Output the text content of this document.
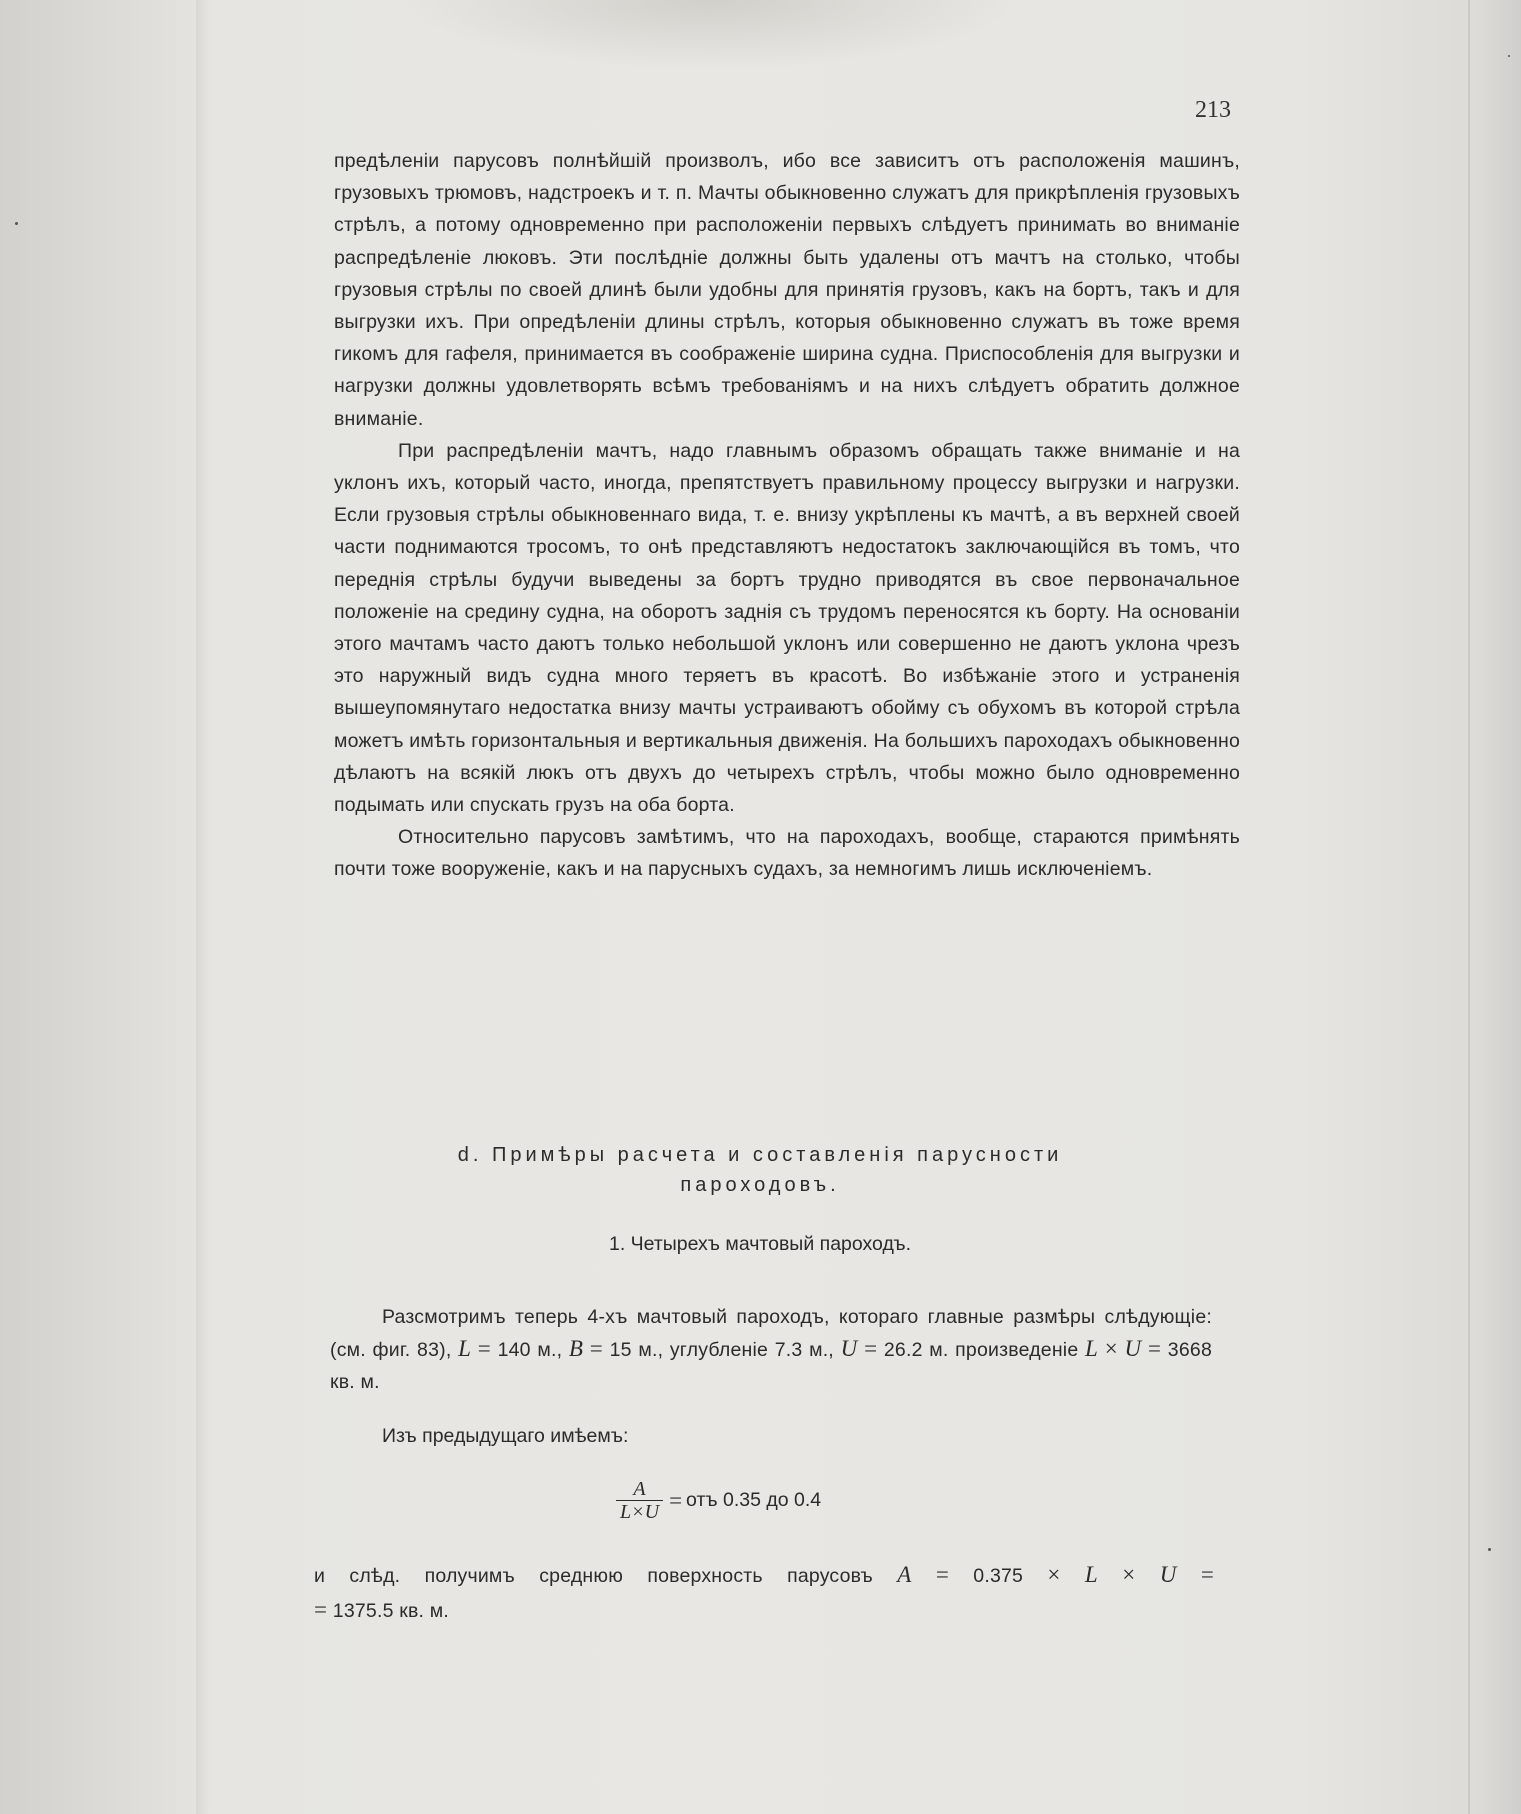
213

предѣленіи парусовъ полнѣйшій произволъ, ибо все зависитъ отъ расположенія машинъ, грузовыхъ трюмовъ, надстроекъ и т. п. Мачты обыкновенно служатъ для прикрѣпленія грузовыхъ стрѣлъ, а потому одновременно при расположеніи первыхъ слѣдуетъ принимать во вниманіе распредѣленіе люковъ. Эти послѣдніе должны быть удалены отъ мачтъ на столько, чтобы грузовыя стрѣлы по своей длинѣ были удобны для принятія грузовъ, какъ на бортъ, такъ и для выгрузки ихъ. При опредѣленіи длины стрѣлъ, которыя обыкновенно служатъ въ тоже время гикомъ для гафеля, принимается въ соображеніе ширина судна. Приспособленія для выгрузки и нагрузки должны удовлетворять всѣмъ требованіямъ и на нихъ слѣдуетъ обратить должное вниманіе.

При распредѣленіи мачтъ, надо главнымъ образомъ обращать также вниманіе и на уклонъ ихъ, который часто, иногда, препятствуетъ правильному процессу выгрузки и нагрузки. Если грузовыя стрѣлы обыкновеннаго вида, т. е. внизу укрѣплены къ мачтѣ, а въ верхней своей части поднимаются тросомъ, то онѣ представляютъ недостатокъ заключающійся въ томъ, что переднія стрѣлы будучи выведены за бортъ трудно приводятся въ свое первоначальное положеніе на средину судна, на оборотъ заднія съ трудомъ переносятся къ борту. На основаніи этого мачтамъ часто даютъ только небольшой уклонъ или совершенно не даютъ уклона чрезъ это наружный видъ судна много теряетъ въ красотѣ. Во избѣжаніе этого и устраненія вышеупомянутаго недостатка внизу мачты устраиваютъ обойму съ обухомъ въ которой стрѣла можетъ имѣть горизонтальныя и вертикальныя движенія. На большихъ пароходахъ обыкновенно дѣлаютъ на всякій люкъ отъ двухъ до четырехъ стрѣлъ, чтобы можно было одновременно подымать или спускать грузъ на оба борта.

Относительно парусовъ замѣтимъ, что на пароходахъ, вообще, стараются примѣнять почти тоже вооруженіе, какъ и на парусныхъ судахъ, за немногимъ лишь исключеніемъ.

d. Примѣры расчета и составленія парусности
пароходовъ.
1. Четырехъ мачтовый пароходъ.

Разсмотримъ теперь 4-хъ мачтовый пароходъ, котораго главные размѣры слѣдующіе: (см. фиг. 83), L = 140 м., B = 15 м., углубленіе 7.3 м., U = 26.2 м. произведеніе L × U = 3668 кв. м.

Изъ предыдущаго имѣемъ:
$\frac{A}{L\times U}$ = отъ 0.35 до 0.4

и слѣд. получимъ среднюю поверхность парусовъ A = 0.375 × L × U =

= 1375.5 кв. м.
